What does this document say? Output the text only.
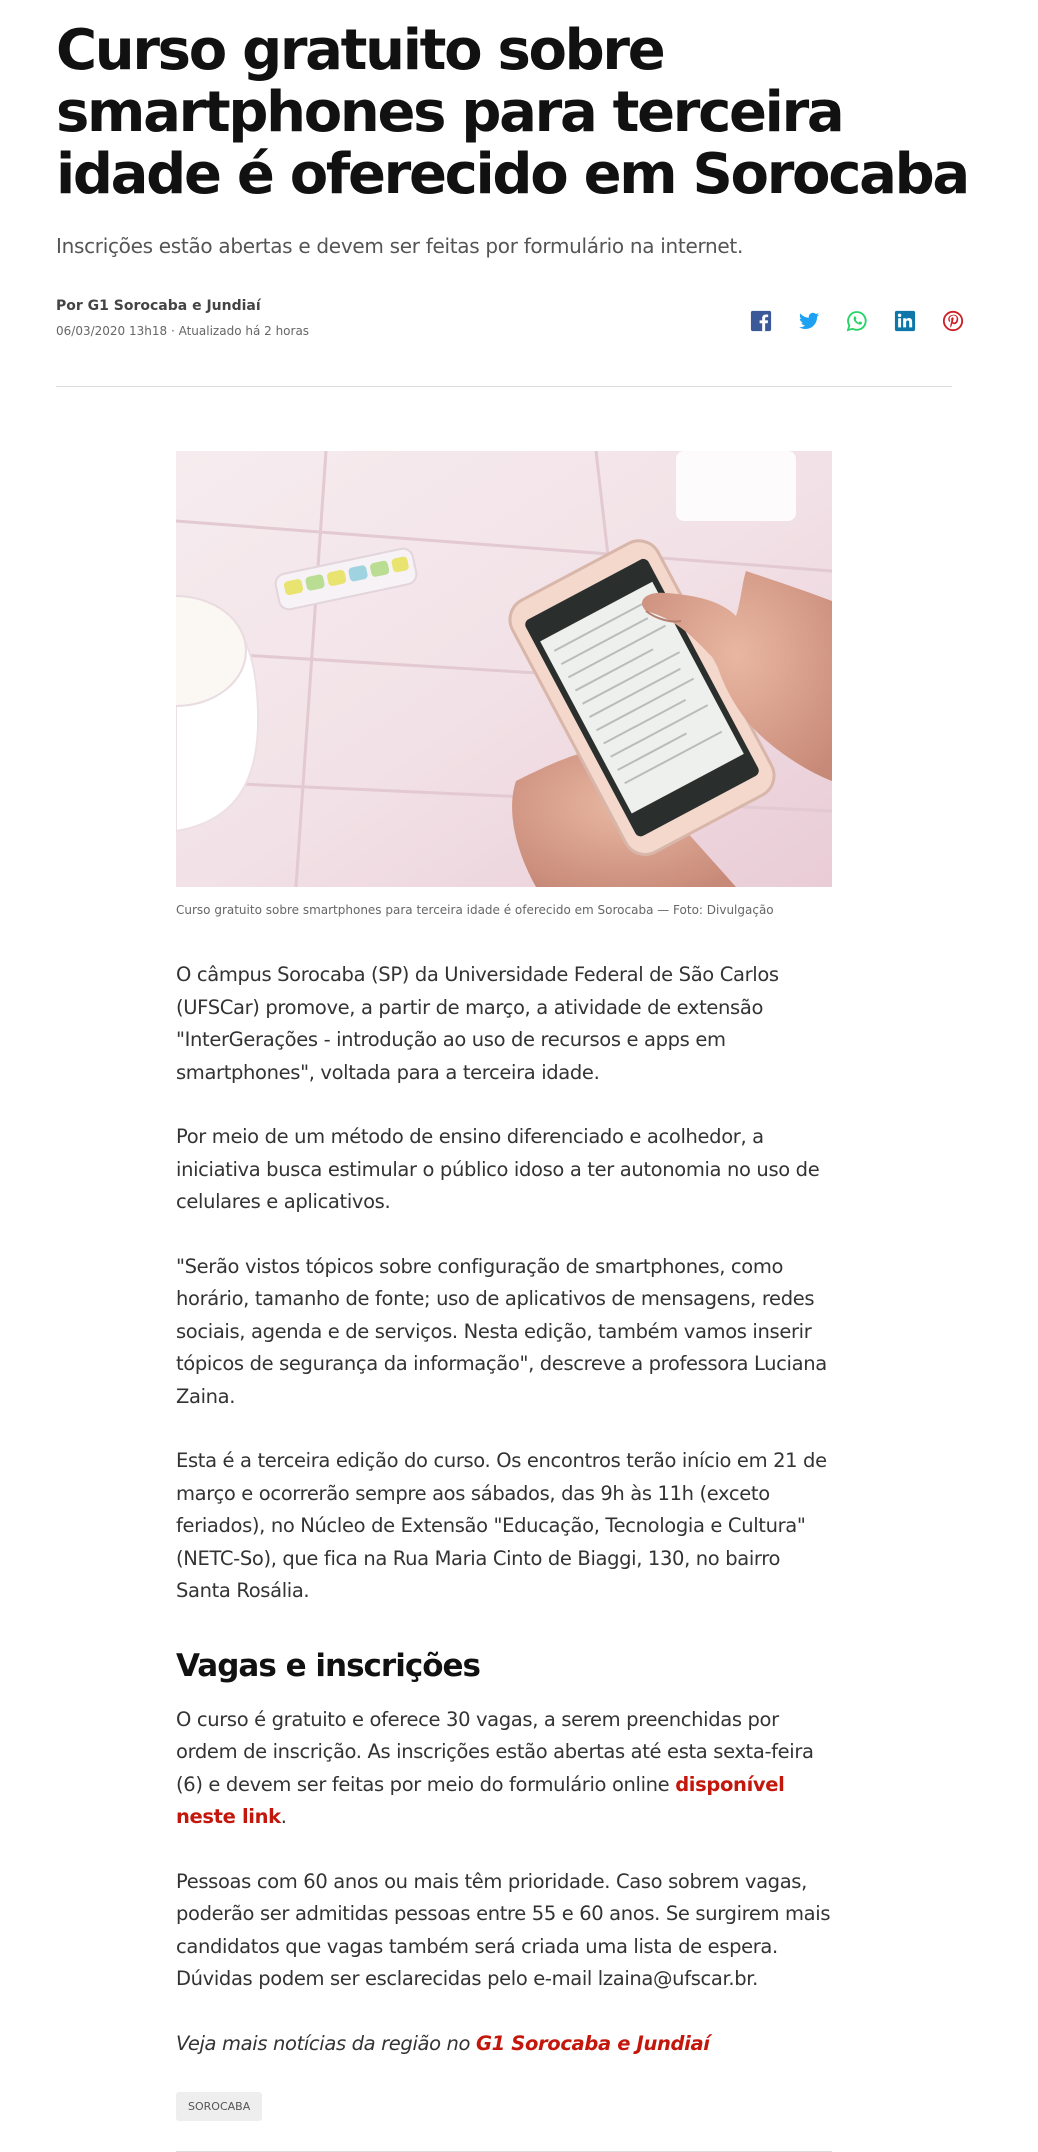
Curso gratuito sobre smartphones para terceira idade é oferecido em Sorocaba

Inscrições estão abertas e devem ser feitas por formulário na internet.

Por G1 Sorocaba e Jundiaí
06/03/2020 13h18 · Atualizado há 2 horas
Curso gratuito sobre smartphones para terceira idade é oferecido em Sorocaba — Foto: Divulgação

O câmpus Sorocaba (SP) da Universidade Federal de São Carlos (UFSCar) promove, a partir de março, a atividade de extensão "InterGerações - introdução ao uso de recursos e apps em smartphones", voltada para a terceira idade.

Por meio de um método de ensino diferenciado e acolhedor, a iniciativa busca estimular o público idoso a ter autonomia no uso de celulares e aplicativos.

"Serão vistos tópicos sobre configuração de smartphones, como horário, tamanho de fonte; uso de aplicativos de mensagens, redes sociais, agenda e de serviços. Nesta edição, também vamos inserir tópicos de segurança da informação", descreve a professora Luciana Zaina.

Esta é a terceira edição do curso. Os encontros terão início em 21 de março e ocorrerão sempre aos sábados, das 9h às 11h (exceto feriados), no Núcleo de Extensão "Educação, Tecnologia e Cultura" (NETC-So), que fica na Rua Maria Cinto de Biaggi, 130, no bairro Santa Rosália.

Vagas e inscrições

O curso é gratuito e oferece 30 vagas, a serem preenchidas por ordem de inscrição. As inscrições estão abertas até esta sexta-feira (6) e devem ser feitas por meio do formulário online disponível neste link.

Pessoas com 60 anos ou mais têm prioridade. Caso sobrem vagas, poderão ser admitidas pessoas entre 55 e 60 anos. Se surgirem mais candidatos que vagas também será criada uma lista de espera. Dúvidas podem ser esclarecidas pelo e-mail lzaina@ufscar.br.

Veja mais notícias da região no G1 Sorocaba e Jundiaí

SOROCABA
